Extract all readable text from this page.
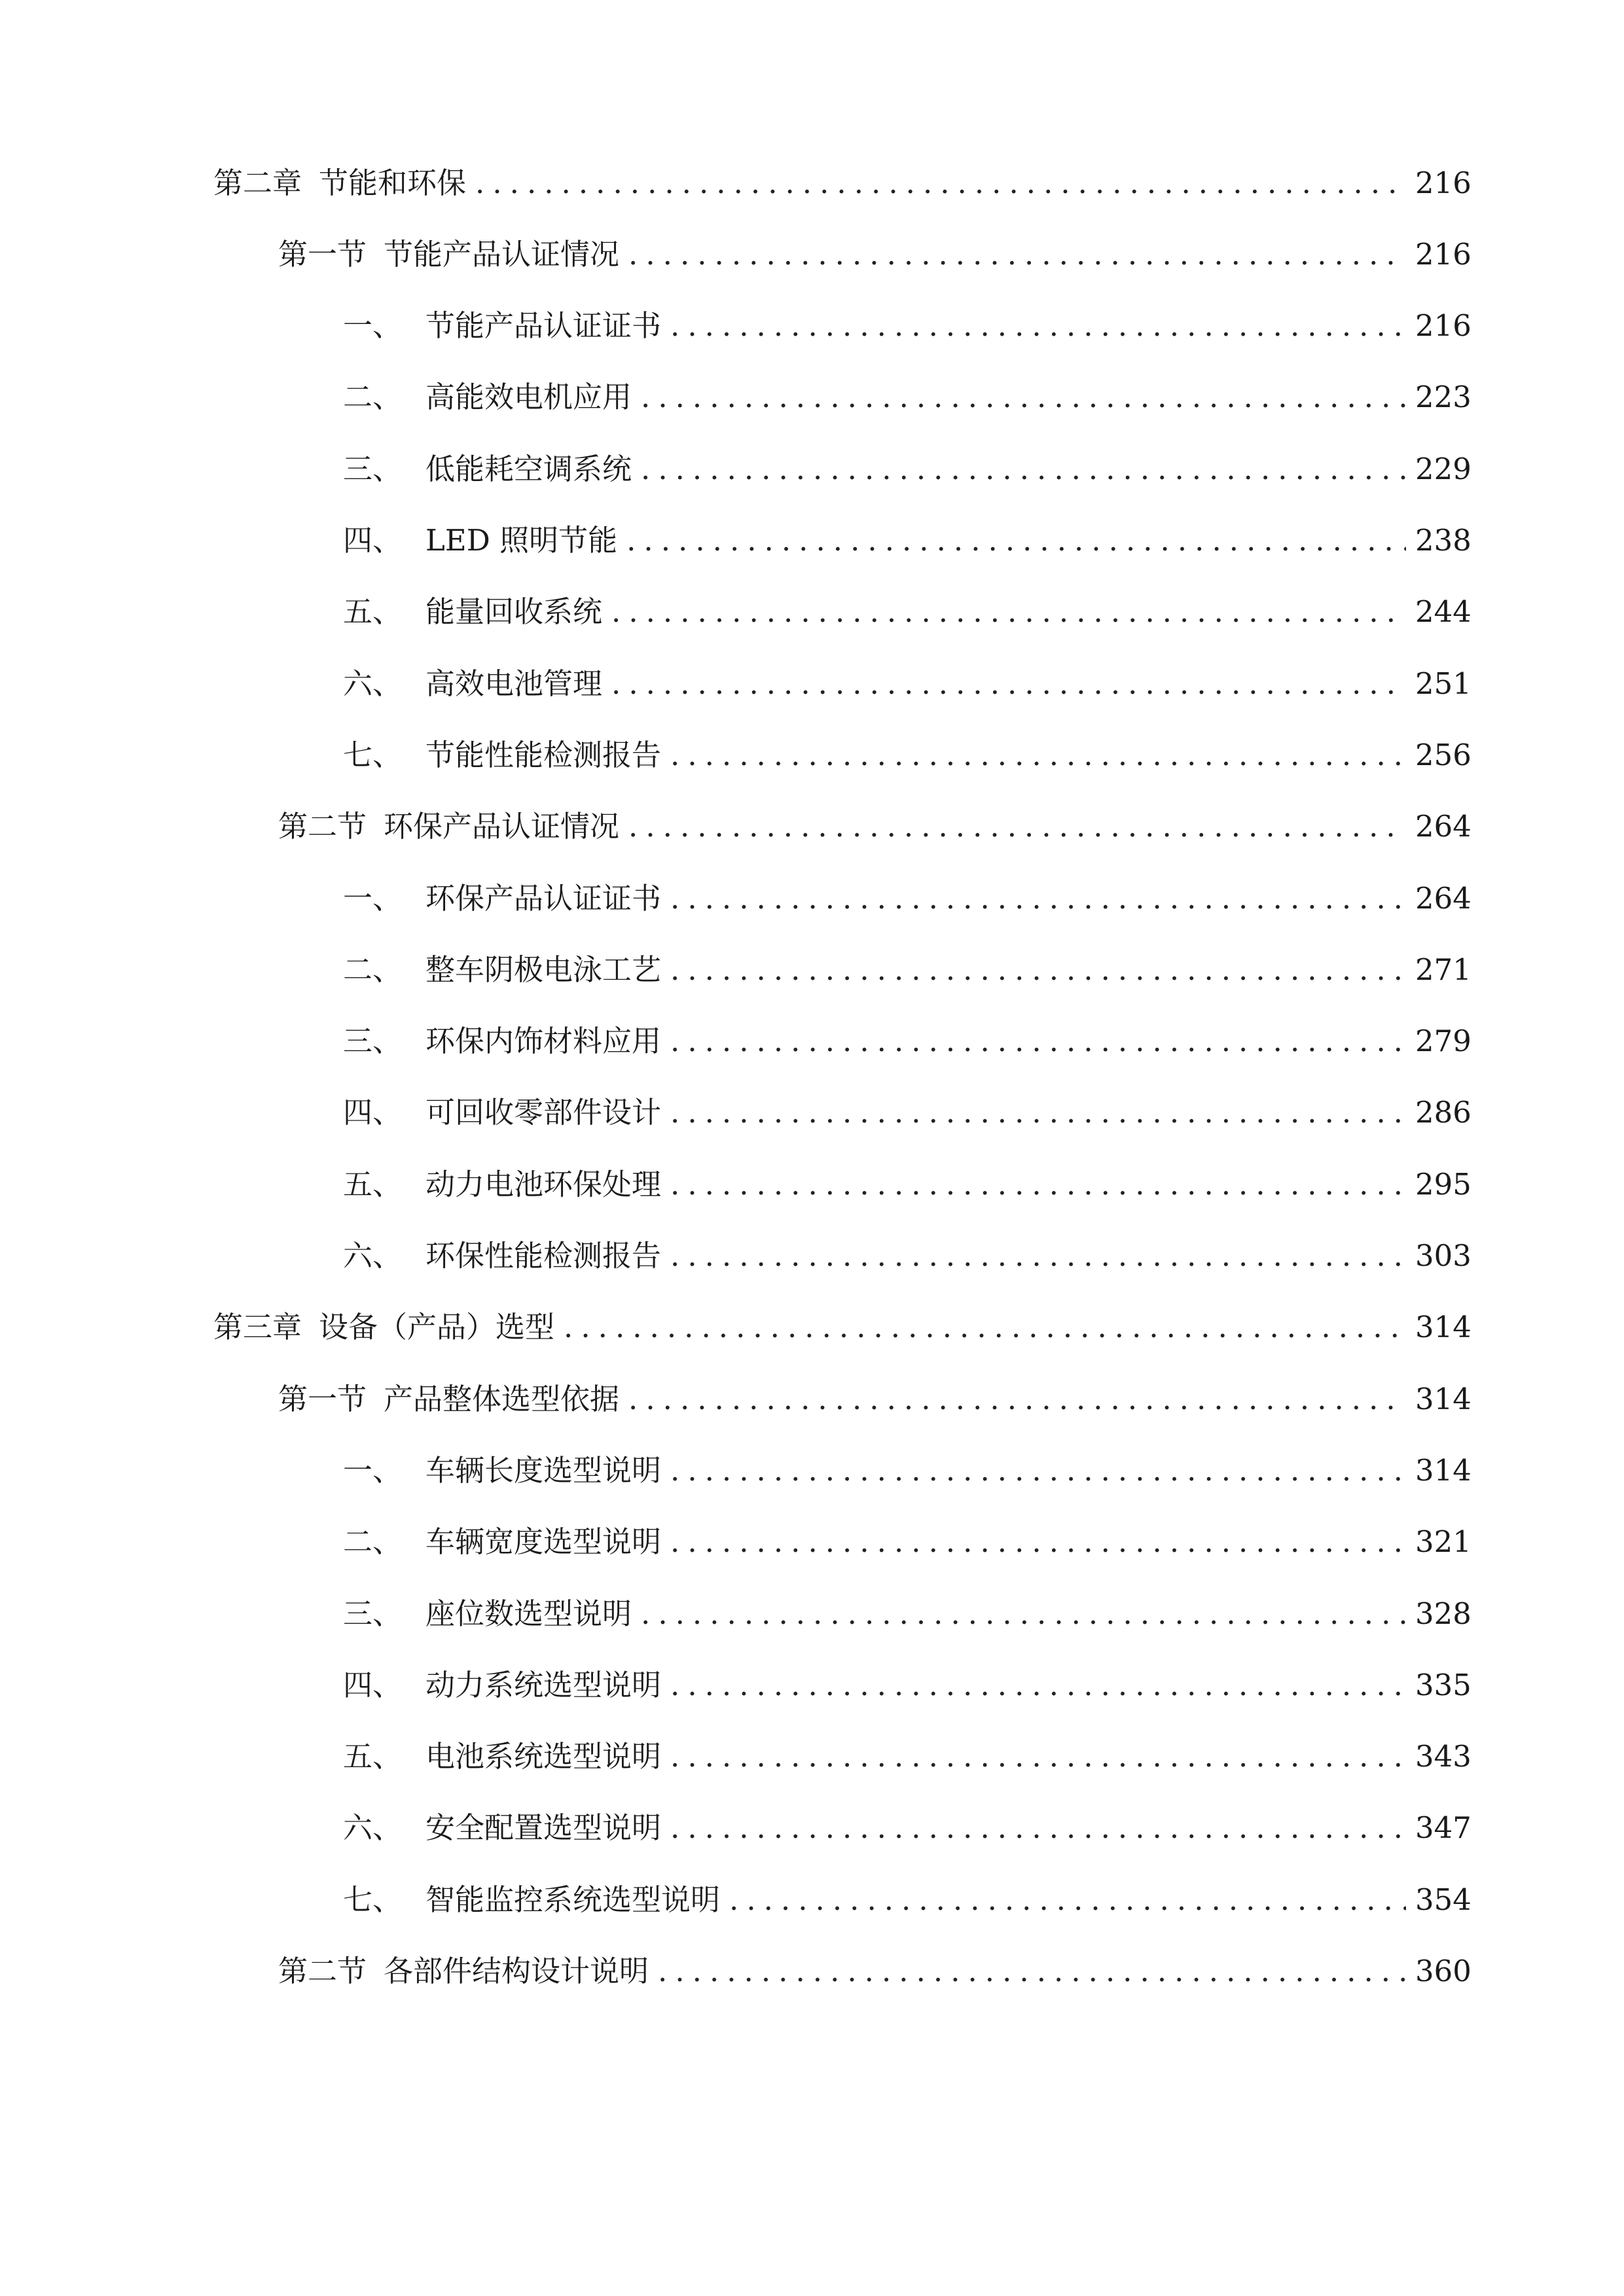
第二章 节能和环保 .....	216
第一节 节能产品认证情况 .....	216
一、 节能产品认证证书 .....	216
二、 高能效电机应用 .....	223
三、 低能耗空调系统 .....	229
四、 LED 照明节能 .....	238
五、 能量回收系统 .....	244
六、 高效电池管理 .....	251
七、 节能性能检测报告 .....	256
第二节 环保产品认证情况 .....	264
一、 环保产品认证证书 .....	264
二、 整车阴极电泳工艺 .....	271
三、 环保内饰材料应用 .....	279
四、 可回收零部件设计 .....	286
五、 动力电池环保处理 .....	295
六、 环保性能检测报告 .....	303
第三章 设备（产品）选型 .....	314
第一节 产品整体选型依据 .....	314
一、 车辆长度选型说明 .....	314
二、 车辆宽度选型说明 .....	321
三、 座位数选型说明 .....	328
四、 动力系统选型说明 .....	335
五、 电池系统选型说明 .....	343
六、 安全配置选型说明 .....	347
七、 智能监控系统选型说明 .....	354
第二节 各部件结构设计说明 .....	360
